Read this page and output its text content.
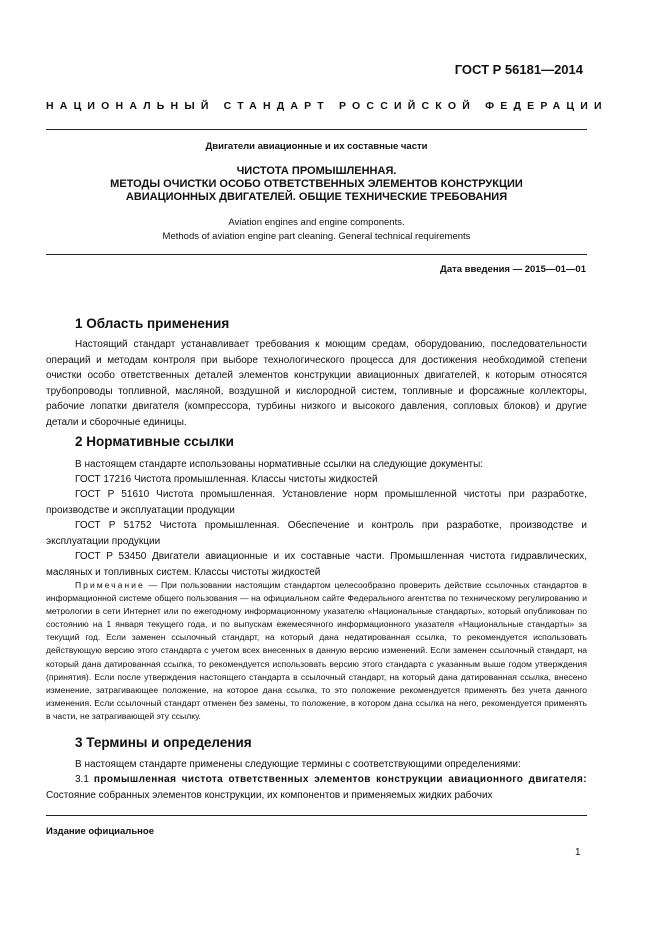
ГОСТ Р 56181—2014
НАЦИОНАЛЬНЫЙ СТАНДАРТ РОССИЙСКОЙ ФЕДЕРАЦИИ
Двигатели авиационные и их составные части
ЧИСТОТА ПРОМЫШЛЕННАЯ.
МЕТОДЫ ОЧИСТКИ ОСОБО ОТВЕТСТВЕННЫХ ЭЛЕМЕНТОВ КОНСТРУКЦИИ
АВИАЦИОННЫХ ДВИГАТЕЛЕЙ. ОБЩИЕ ТЕХНИЧЕСКИЕ ТРЕБОВАНИЯ
Aviation engines and engine components.
Methods of aviation engine part cleaning. General technical requirements
Дата введения — 2015—01—01
1 Область применения
Настоящий стандарт устанавливает требования к моющим средам, оборудованию, последовательности операций и методам контроля при выборе технологического процесса для достижения необходимой степени очистки особо ответственных деталей элементов конструкции авиационных двигателей, к которым относятся трубопроводы топливной, масляной, воздушной и кислородной систем, топливные и форсажные коллекторы, рабочие лопатки двигателя (компрессора, турбины низкого и высокого давления, сопловых блоков) и другие детали и сборочные единицы.
2 Нормативные ссылки
В настоящем стандарте использованы нормативные ссылки на следующие документы:
ГОСТ 17216 Чистота промышленная. Классы чистоты жидкостей
ГОСТ Р 51610 Чистота промышленная. Установление норм промышленной чистоты при разработке, производстве и эксплуатации продукции
ГОСТ Р 51752 Чистота промышленная. Обеспечение и контроль при разработке, производстве и эксплуатации продукции
ГОСТ Р 53450 Двигатели авиационные и их составные части. Промышленная чистота гидравлических, масляных и топливных систем. Классы чистоты жидкостей
Примечание — При пользовании настоящим стандартом целесообразно проверить действие ссылочных стандартов в информационной системе общего пользования — на официальном сайте Федерального агентства по техническому регулированию и метрологии в сети Интернет или по ежегодному информационному указателю «Национальные стандарты», который опубликован по состоянию на 1 января текущего года, и по выпускам ежемесячного информационного указателя «Национальные стандарты» за текущий год. Если заменен ссылочный стандарт, на который дана недатированная ссылка, то рекомендуется использовать действующую версию этого стандарта с учетом всех внесенных в данную версию изменений. Если заменен ссылочный стандарт, на который дана датированная ссылка, то рекомендуется использовать версию этого стандарта с указанным выше годом утверждения (принятия). Если после утверждения настоящего стандарта в ссылочный стандарт, на который дана датированная ссылка, внесено изменение, затрагивающее положение, на которое дана ссылка, то это положение рекомендуется применять без учета данного изменения. Если ссылочный стандарт отменен без замены, то положение, в котором дана ссылка на него, рекомендуется применять в части, не затрагивающей эту ссылку.
3 Термины и определения
В настоящем стандарте применены следующие термины с соответствующими определениями:
3.1 промышленная чистота ответственных элементов конструкции авиационного двигателя: Состояние собранных элементов конструкции, их компонентов и применяемых жидких рабочих
Издание официальное
1
